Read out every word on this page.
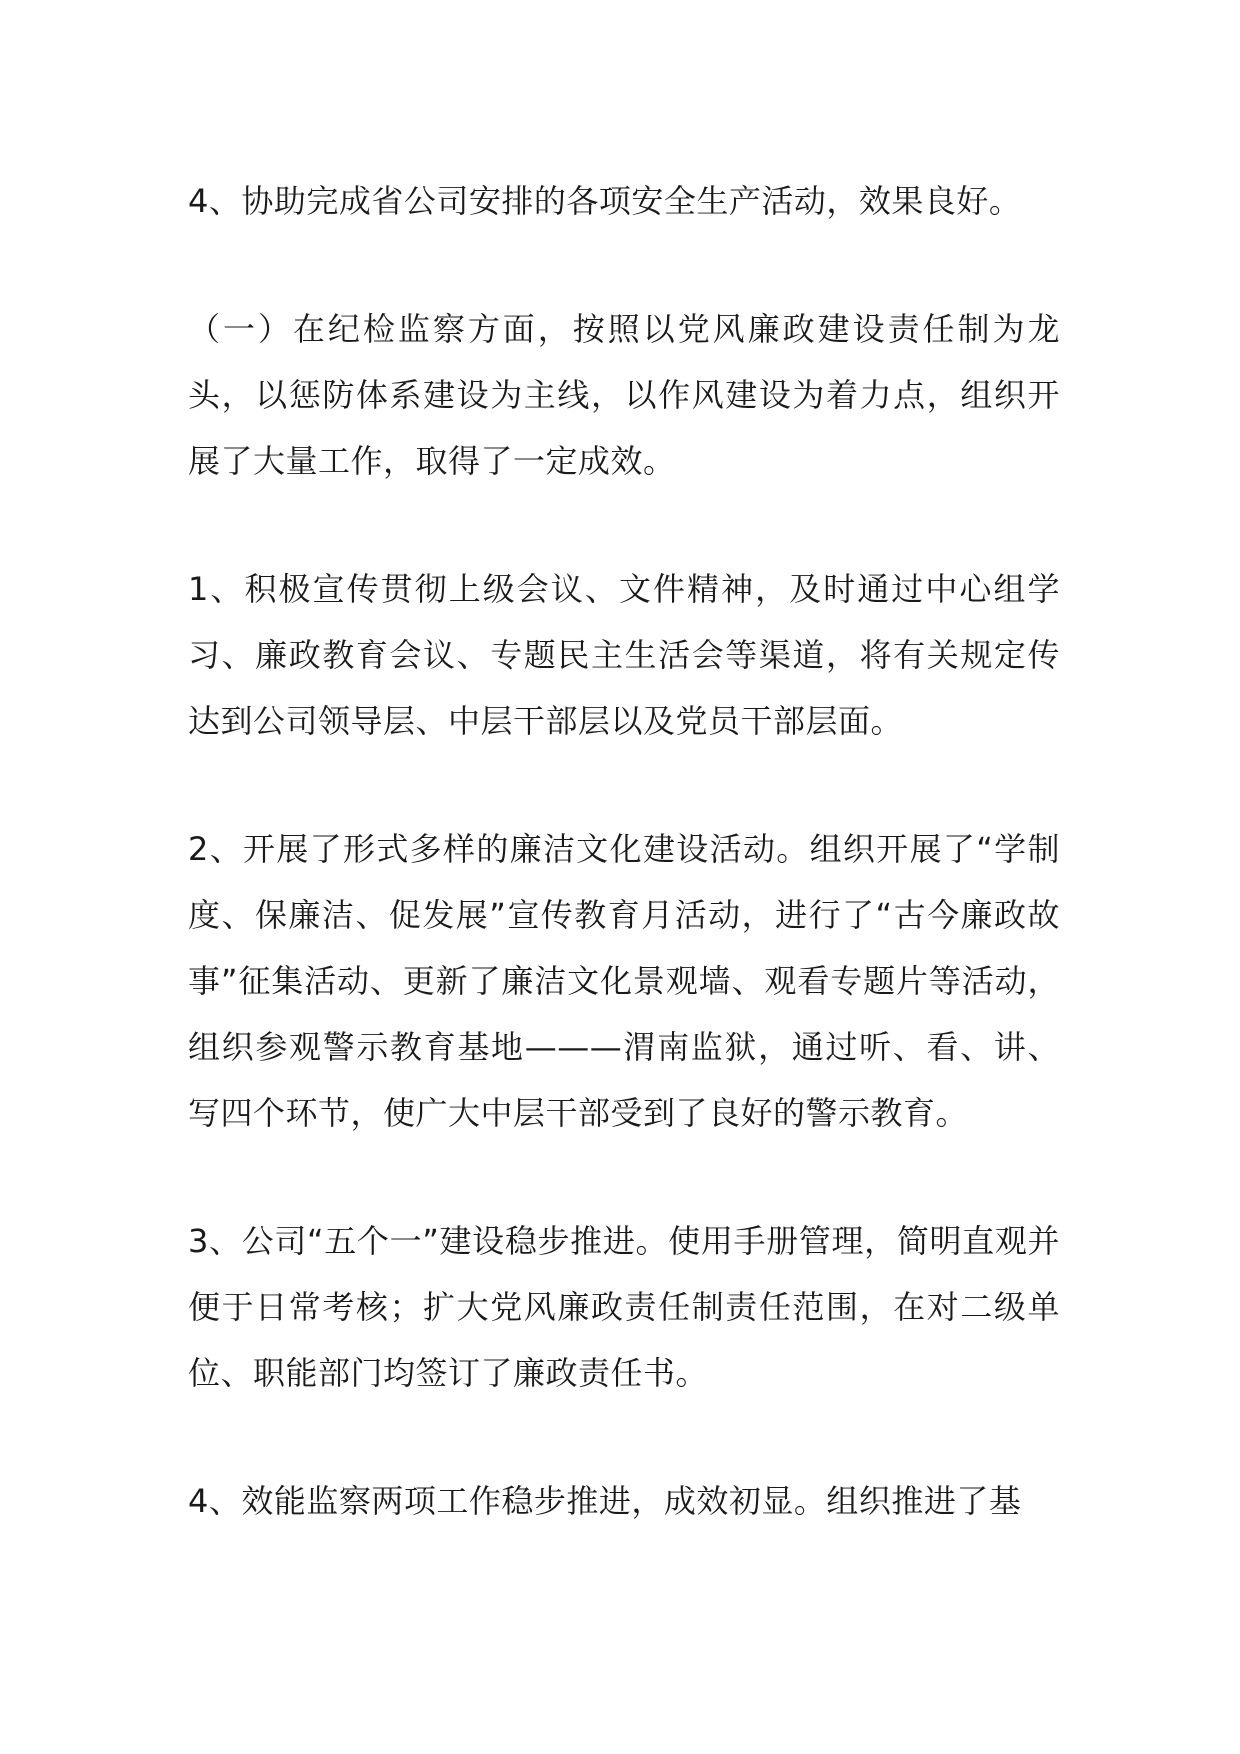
4、协助完成省公司安排的各项安全生产活动，效果良好。

（一）在纪检监察方面，按照以党风廉政建设责任制为龙头，以惩防体系建设为主线，以作风建设为着力点，组织开展了大量工作，取得了一定成效。

1、积极宣传贯彻上级会议、文件精神，及时通过中心组学习、廉政教育会议、专题民主生活会等渠道，将有关规定传达到公司领导层、中层干部层以及党员干部层面。

2、开展了形式多样的廉洁文化建设活动。组织开展了“学制度、保廉洁、促发展”宣传教育月活动，进行了“古今廉政故事”征集活动、更新了廉洁文化景观墙、观看专题片等活动，组织参观警示教育基地———渭南监狱，通过听、看、讲、写四个环节，使广大中层干部受到了良好的警示教育。

3、公司“五个一”建设稳步推进。使用手册管理，简明直观并便于日常考核；扩大党风廉政责任制责任范围，在对二级单位、职能部门均签订了廉政责任书。

4、效能监察两项工作稳步推进，成效初显。组织推进了基
